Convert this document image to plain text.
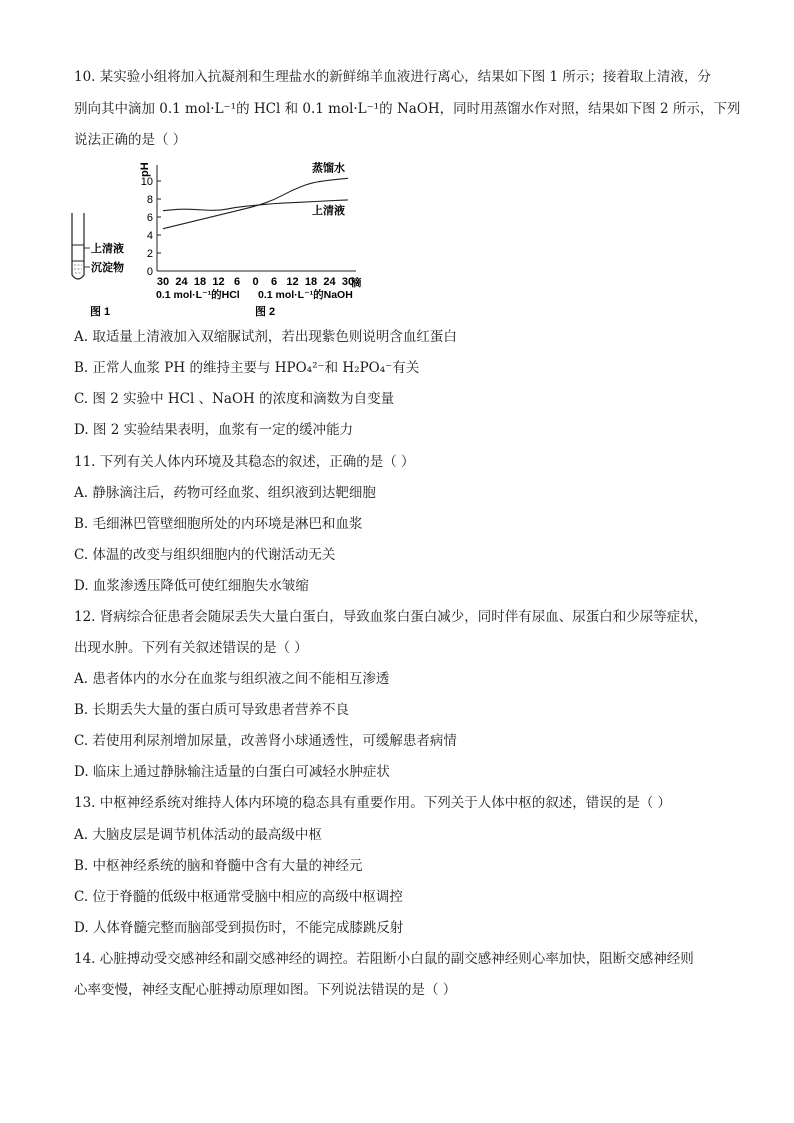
10. 某实验小组将加入抗凝剂和生理盐水的新鲜绵羊血液进行离心，结果如下图 1 所示；接着取上清液，分
别向其中滴加 0.1 mol·L⁻¹的 HCl 和 0.1 mol·L⁻¹的 NaOH，同时用蒸馏水作对照，结果如下图 2 所示，下列
说法正确的是（ ）
上清液
沉淀物
图 1
pH
0
2
4
6
8
10
30 24 18 12 6 0 6 12 18 24 30
蒸馏水
上清液
0.1 mol·L⁻¹的HCl 0.1 mol·L⁻¹的NaOH
滴
图 2
A. 取适量上清液加入双缩脲试剂，若出现紫色则说明含血红蛋白
B. 正常人血浆 PH 的维持主要与 HPO₄²⁻和 H₂PO₄⁻有关
C. 图 2 实验中 HCl 、NaOH 的浓度和滴数为自变量
D. 图 2 实验结果表明，血浆有一定的缓冲能力
11. 下列有关人体内环境及其稳态的叙述，正确的是（ ）
A. 静脉滴注后，药物可经血浆、组织液到达靶细胞
B. 毛细淋巴管壁细胞所处的内环境是淋巴和血浆
C. 体温的改变与组织细胞内的代谢活动无关
D. 血浆渗透压降低可使红细胞失水皱缩
12. 肾病综合征患者会随尿丢失大量白蛋白，导致血浆白蛋白减少，同时伴有尿血、尿蛋白和少尿等症状，
出现水肿。下列有关叙述错误的是（ ）
A. 患者体内的水分在血浆与组织液之间不能相互渗透
B. 长期丢失大量的蛋白质可导致患者营养不良
C. 若使用利尿剂增加尿量，改善肾小球通透性，可缓解患者病情
D. 临床上通过静脉输注适量的白蛋白可减轻水肿症状
13. 中枢神经系统对维持人体内环境的稳态具有重要作用。下列关于人体中枢的叙述，错误的是（ ）
A. 大脑皮层是调节机体活动的最高级中枢
B. 中枢神经系统的脑和脊髓中含有大量的神经元
C. 位于脊髓的低级中枢通常受脑中相应的高级中枢调控
D. 人体脊髓完整而脑部受到损伤时，不能完成膝跳反射
14. 心脏搏动受交感神经和副交感神经的调控。若阻断小白鼠的副交感神经则心率加快，阻断交感神经则
心率变慢，神经支配心脏搏动原理如图。下列说法错误的是（ ）
